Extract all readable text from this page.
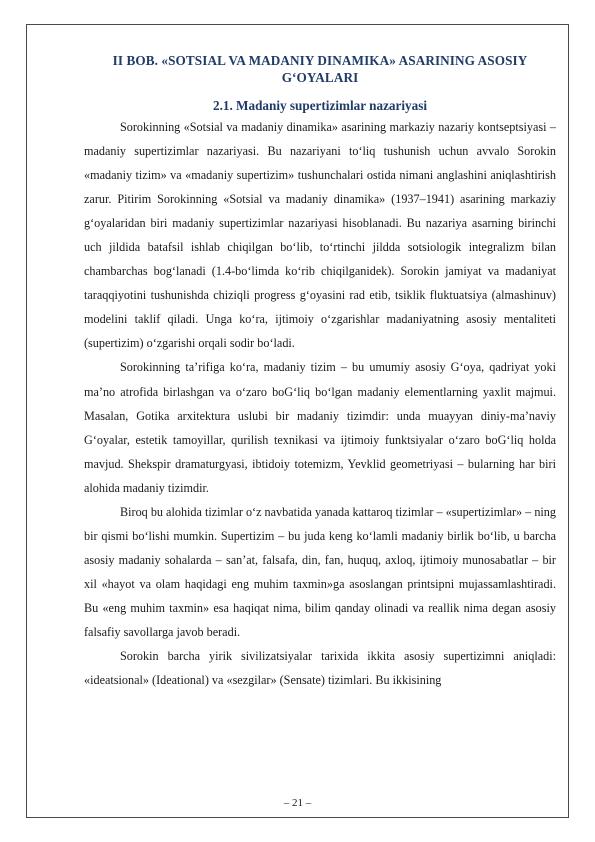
II BOB. «SOTSIAL VA MADANIY DINAMIKA» ASARINING ASOSIY G‘OYALARI
2.1. Madaniy supertizimlar nazariyasi

Sorokinning «Sotsial va madaniy dinamika» asarining markaziy nazariy kontseptsiyasi – madaniy supertizimlar nazariyasi. Bu nazariyani to‘liq tushunish uchun avvalo Sorokin «madaniy tizim» va «madaniy supertizim» tushunchalari ostida nimani anglashini aniqlashtirish zarur. Pitirim Sorokinning «Sotsial va madaniy dinamika» (1937–1941) asarining markaziy g‘oyalaridan biri madaniy supertizimlar nazariyasi hisoblanadi. Bu nazariya asarning birinchi uch jildida batafsil ishlab chiqilgan bo‘lib, to‘rtinchi jildda sotsiologik integralizm bilan chambarchas bog‘lanadi (1.4-bo‘limda ko‘rib chiqilganidek). Sorokin jamiyat va madaniyat taraqqiyotini tushunishda chiziqli progress g‘oyasini rad etib, tsiklik fluktuatsiya (almashinuv) modelini taklif qiladi. Unga ko‘ra, ijtimoiy o‘zgarishlar madaniyatning asosiy mentaliteti (supertizim) o‘zgarishi orqali sodir bo‘ladi.

Sorokinning ta’rifiga ko‘ra, madaniy tizim – bu umumiy asosiy G‘oya, qadriyat yoki ma’no atrofida birlashgan va o‘zaro boG‘liq bo‘lgan madaniy elementlarning yaxlit majmui. Masalan, Gotika arxitektura uslubi bir madaniy tizimdir: unda muayyan diniy-ma’naviy G‘oyalar, estetik tamoyillar, qurilish texnikasi va ijtimoiy funktsiyalar o‘zaro boG‘liq holda mavjud. Shekspir dramaturgyasi, ibtidoiy totemizm, Yevklid geometriyasi – bularning har biri alohida madaniy tizimdir.

Biroq bu alohida tizimlar o‘z navbatida yanada kattaroq tizimlar – «supertizimlar» – ning bir qismi bo‘lishi mumkin. Supertizim – bu juda keng ko‘lamli madaniy birlik bo‘lib, u barcha asosiy madaniy sohalarda – san’at, falsafa, din, fan, huquq, axloq, ijtimoiy munosabatlar – bir xil «hayot va olam haqidagi eng muhim taxmin»ga asoslangan printsipni mujassamlashtiradi. Bu «eng muhim taxmin» esa haqiqat nima, bilim qanday olinadi va reallik nima degan asosiy falsafiy savollarga javob beradi.

Sorokin barcha yirik sivilizatsiyalar tarixida ikkita asosiy supertizimni aniqladi: «ideatsional» (Ideational) va «sezgilar» (Sensate) tizimlari. Bu ikkisining

– 21 –
